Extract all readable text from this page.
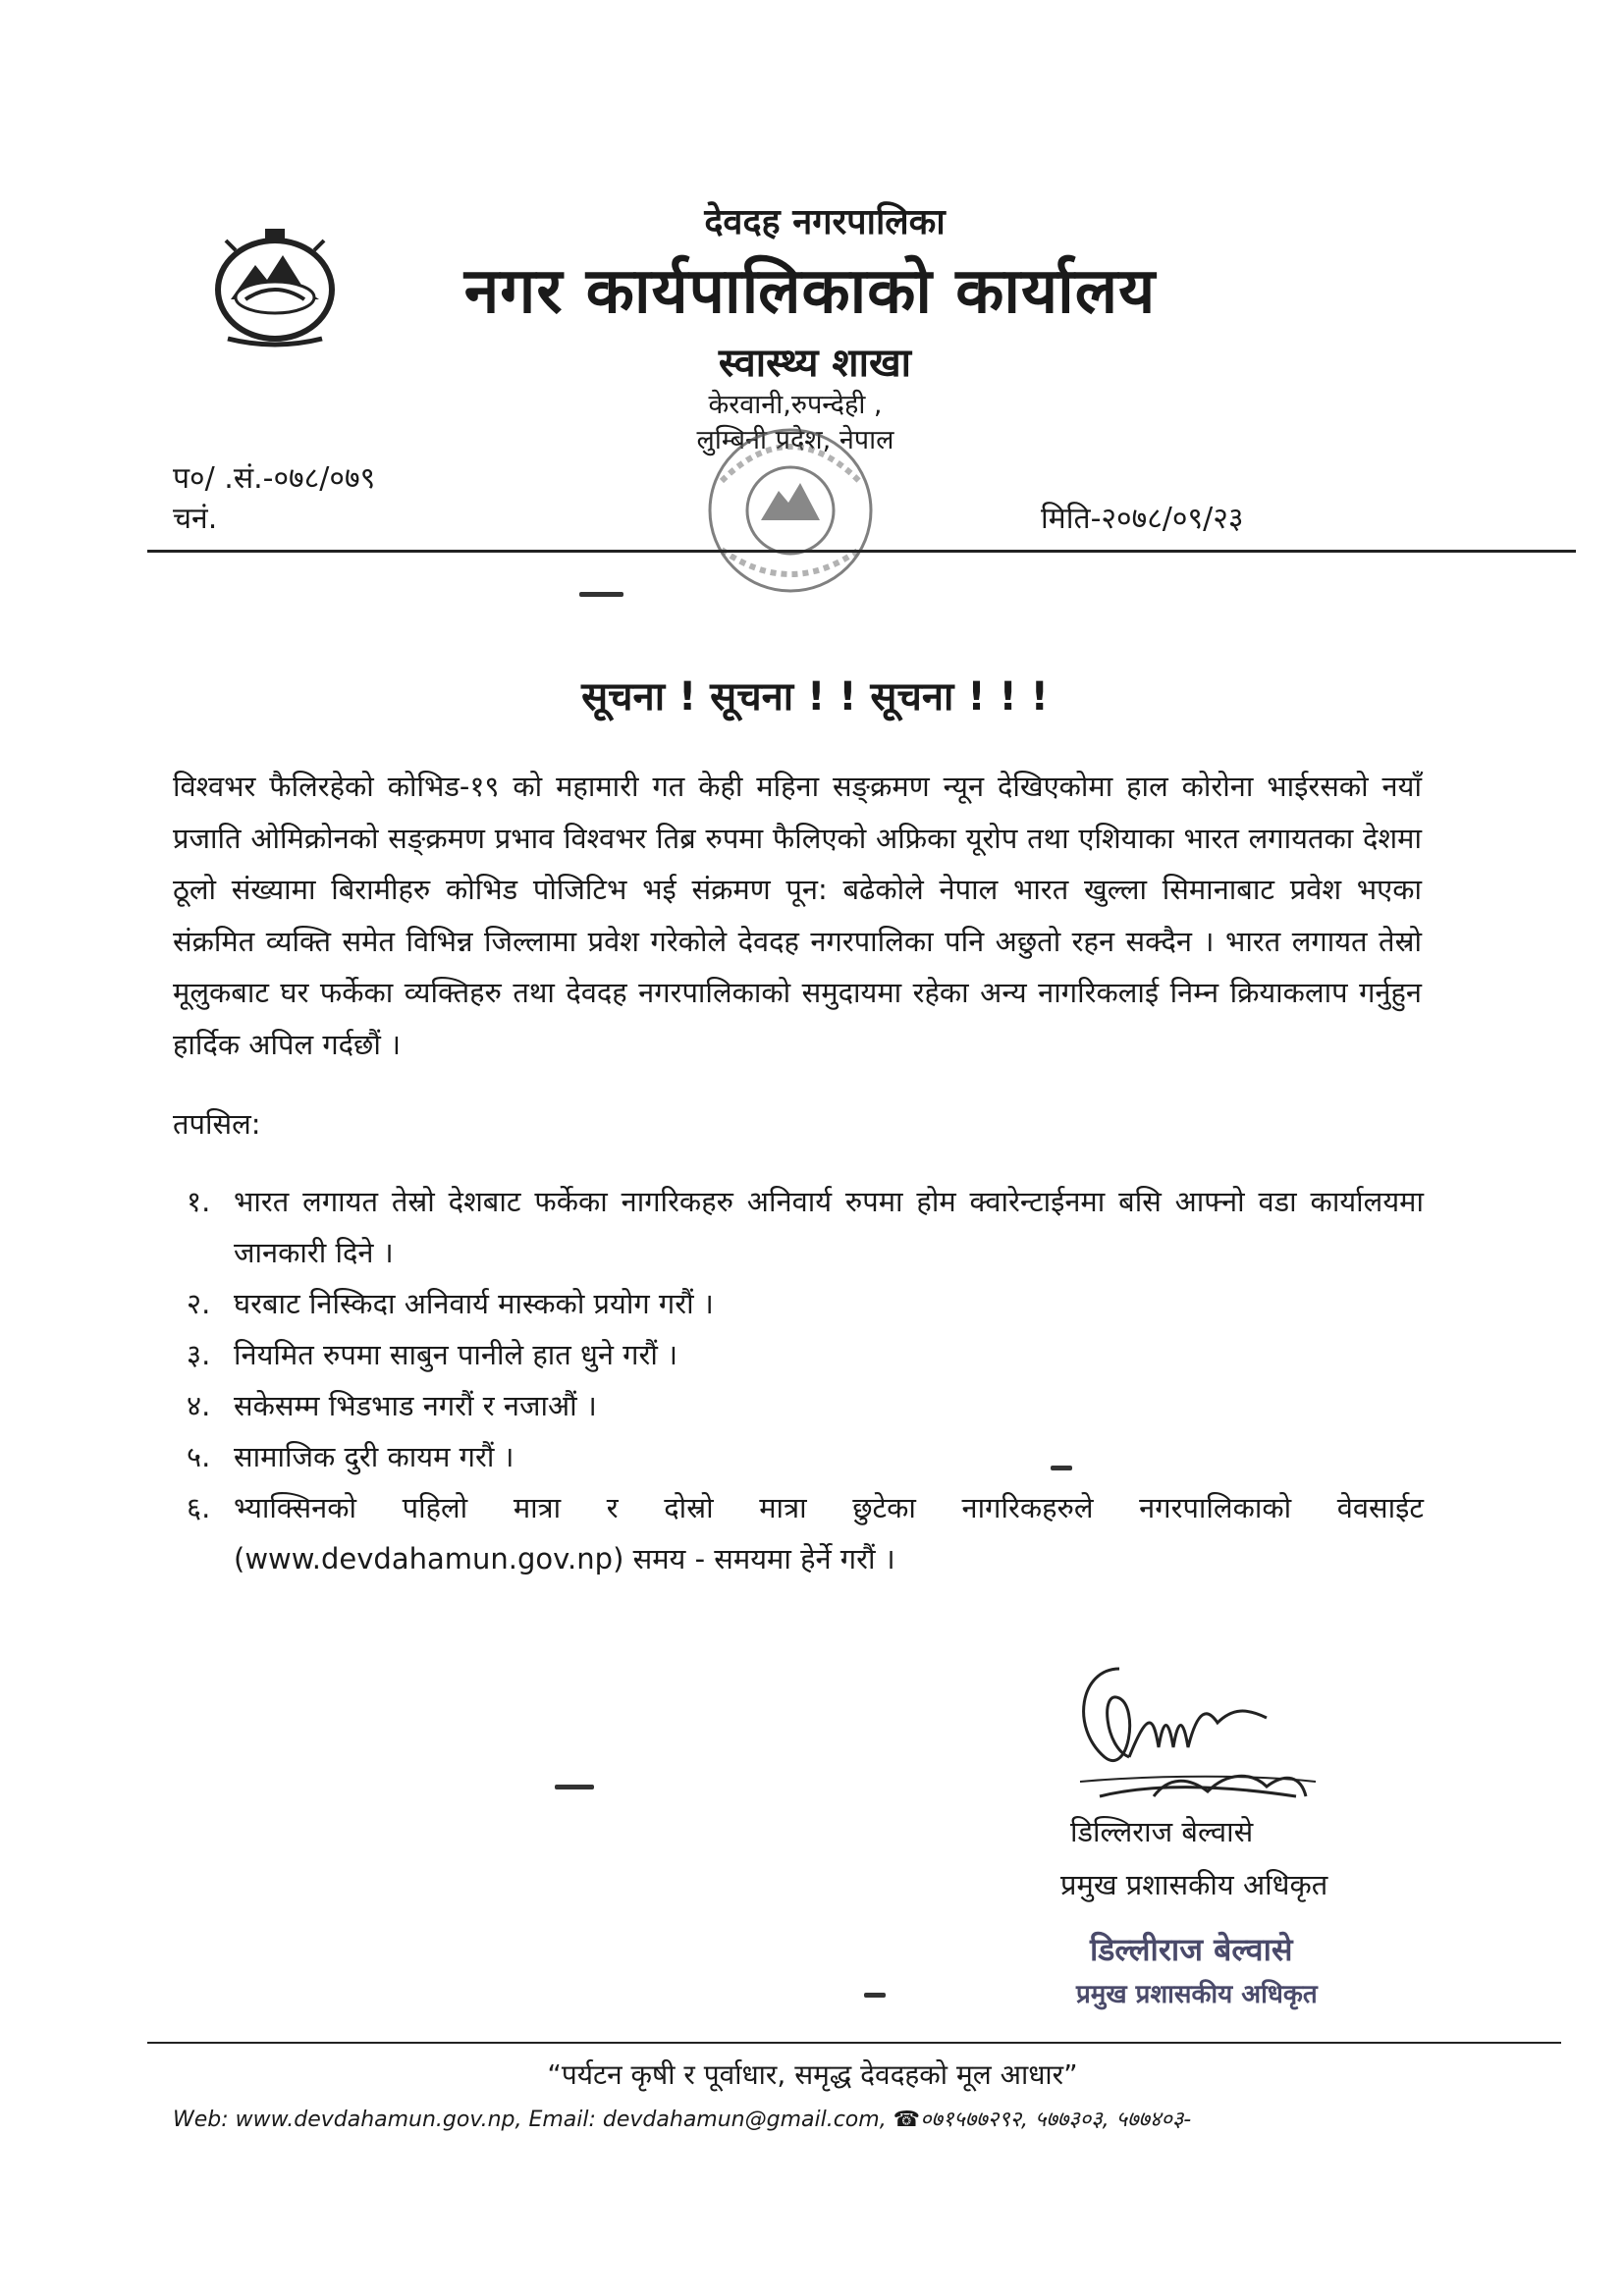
देवदह नगरपालिका
नगर कार्यपालिकाको कार्यालय
स्वास्थ्य शाखा
केरवानी,रुपन्देही ,
लुम्बिनी प्रदेश, नेपाल
प०/ .सं.-०७८/०७९
चनं.	मिति-२०७८/०९/२३
सूचना ! सूचना ! ! सूचना ! ! !
विश्वभर फैलिरहेको कोभिड-१९ को महामारी गत केही महिना सङ्क्रमण न्यून देखिएकोमा हाल कोरोना भाईरसको नयाँ प्रजाति ओमिक्रोनको सङ्क्रमण प्रभाव विश्वभर तिब्र रुपमा फैलिएको अफ्रिका यूरोप तथा एशियाका भारत लगायतका देशमा ठूलो संख्यामा बिरामीहरु कोभिड पोजिटिभ भई संक्रमण पून: बढेकोले नेपाल भारत खुल्ला सिमानाबाट प्रवेश भएका संक्रमित व्यक्ति समेत विभिन्न जिल्लामा प्रवेश गरेकोले देवदह नगरपालिका पनि अछुतो रहन सक्दैन । भारत लगायत तेस्रो मूलुकबाट घर फर्केका व्यक्तिहरु तथा देवदह नगरपालिकाको समुदायमा रहेका अन्य नागरिकलाई निम्न क्रियाकलाप गर्नुहुन हार्दिक अपिल गर्दछौं ।
तपसिल:
१. भारत लगायत तेस्रो देशबाट फर्केका नागरिकहरु अनिवार्य रुपमा होम क्वारेन्टाईनमा बसि आफ्नो वडा कार्यालयमा जानकारी दिने ।
२. घरबाट निस्किदा अनिवार्य मास्कको प्रयोग गरौं ।
३. नियमित रुपमा साबुन पानीले हात धुने गरौं ।
४. सकेसम्म भिडभाड नगरौं र नजाऔं ।
५. सामाजिक दुरी कायम गरौं ।
६. भ्याक्सिनको पहिलो मात्रा र दोस्रो मात्रा छुटेका नागरिकहरुले नगरपालिकाको वेवसाईट (www.devdahamun.gov.np) समय - समयमा हेर्ने गरौं ।
डिल्लिराज बेल्वासे
प्रमुख प्रशासकीय अधिकृत
डिल्लीराज बेल्वासे
प्रमुख प्रशासकीय अधिकृत
“पर्यटन कृषी र पूर्वाधार, समृद्ध देवदहको मूल आधार”
Web: www.devdahamun.gov.np, Email: devdahamun@gmail.com, ☎०७१५७७२९२, ५७७३०३, ५७७४०३-
